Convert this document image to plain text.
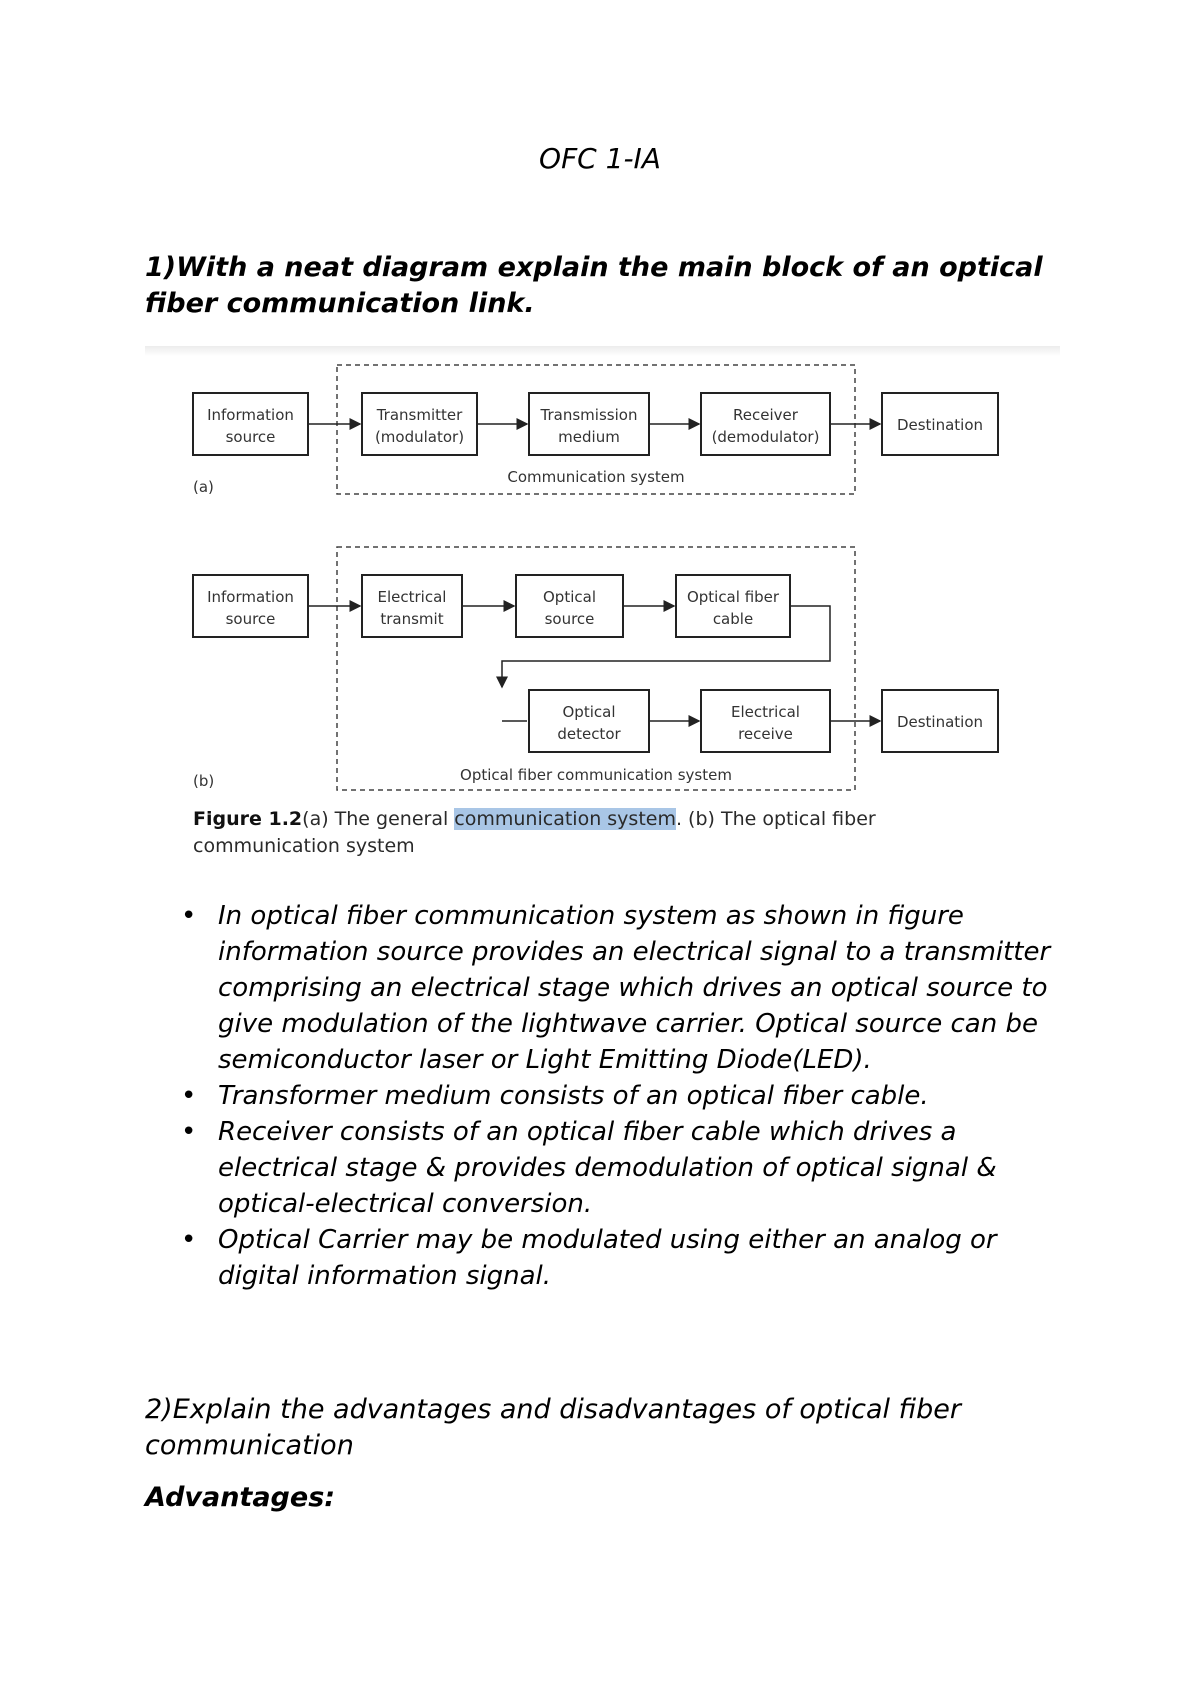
OFC 1-IA

1)With a neat diagram explain the main block of an optical fiber communication link.

Information
source
Transmitter
(modulator)
Transmission
medium
Receiver
(demodulator)
Destination
(a)
Communication system
Information
source
Electrical
transmit
Optical
source
Optical fiber
cable
Optical
detector
Electrical
receive
Destination
(b)	Optical fiber communication system
Figure 1.2(a) The general communication system. (b) The optical fiber communication system
• In optical fiber communication system as shown in figure information source provides an electrical signal to a transmitter comprising an electrical stage which drives an optical source to give modulation of the lightwave carrier. Optical source can be semiconductor laser or Light Emitting Diode(LED).
• Transformer medium consists of an optical fiber cable.
• Receiver consists of an optical fiber cable which drives a electrical stage & provides demodulation of optical signal & optical-electrical conversion.
• Optical Carrier may be modulated using either an analog or digital information signal.

2)Explain the advantages and disadvantages of optical fiber communication

Advantages:
